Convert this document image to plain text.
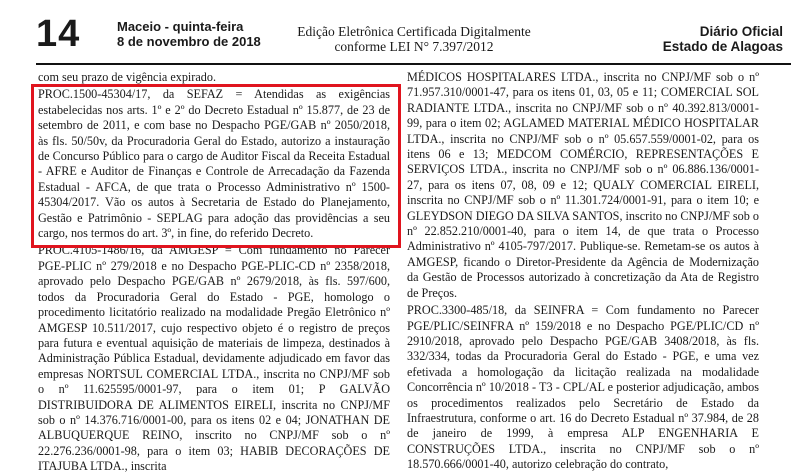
14	Maceio - quinta-feira
8 de novembro de 2018
Edição Eletrônica Certificada Digitalmente
conforme LEI N° 7.397/2012
Diário Oficial
Estado de Alagoas

com seu prazo de vigência expirado.

PROC.1500-45304/17, da SEFAZ = Atendidas as exigências estabelecidas nos arts. 1º e 2º do Decreto Estadual nº 15.877, de 23 de setembro de 2011, e com base no Despacho PGE/GAB nº 2050/2018, às fls. 50/50v, da Procuradoria Geral do Estado, autorizo a instauração de Concurso Público para o cargo de Auditor Fiscal da Receita Estadual - AFRE e Auditor de Finanças e Controle de Arrecadação da Fazenda Estadual - AFCA, de que trata o Processo Administrativo nº 1500-45304/2017. Vão os autos à Secretaria de Estado do Planejamento, Gestão e Patrimônio - SEPLAG para adoção das providências a seu cargo, nos termos do art. 3º, in fine, do referido Decreto.

PROC.4105-1486/16, da AMGESP = Com fundamento no Parecer PGE-PLIC nº 279/2018 e no Despacho PGE-PLIC-CD nº 2358/2018, aprovado pelo Despacho PGE/GAB nº 2679/2018, às fls. 597/600, todos da Procuradoria Geral do Estado - PGE, homologo o procedimento licitatório realizado na modalidade Pregão Eletrônico nº AMGESP 10.511/2017, cujo respectivo objeto é o registro de preços para futura e eventual aquisição de materiais de limpeza, destinados à Administração Pública Estadual, devidamente adjudicado em favor das empresas NORTSUL COMERCIAL LTDA., inscrita no CNPJ/MF sob o nº 11.625595/0001-97, para o item 01; P GALVÃO DISTRIBUIDORA DE ALIMENTOS EIRELI, inscrita no CNPJ/MF sob o nº 14.376.716/0001-00, para os itens 02 e 04; JONATHAN DE ALBUQUERQUE REINO, inscrito no CNPJ/MF sob o nº 22.276.236/0001-98, para o item 03; HABIB DECORAÇÕES DE ITAJUBA LTDA., inscrita

MÉDICOS HOSPITALARES LTDA., inscrita no CNPJ/MF sob o nº 71.957.310/0001-47, para os itens 01, 03, 05 e 11; COMERCIAL SOL RADIANTE LTDA., inscrita no CNPJ/MF sob o nº 40.392.813/0001-99, para o item 02; AGLAMED MATERIAL MÉDICO HOSPITALAR LTDA., inscrita no CNPJ/MF sob o nº 05.657.559/0001-02, para os itens 06 e 13; MEDCOM COMÉRCIO, REPRESENTAÇÕES E SERVIÇOS LTDA., inscrita no CNPJ/MF sob o nº 06.886.136/0001-27, para os itens 07, 08, 09 e 12; QUALY COMERCIAL EIRELI, inscrita no CNPJ/MF sob o nº 11.301.724/0001-91, para o item 10; e GLEYDSON DIEGO DA SILVA SANTOS, inscrito no CNPJ/MF sob o nº 22.852.210/0001-40, para o item 14, de que trata o Processo Administrativo nº 4105-797/2017. Publique-se. Remetam-se os autos à AMGESP, ficando o Diretor-Presidente da Agência de Modernização da Gestão de Processos autorizado à concretização da Ata de Registro de Preços.

PROC.3300-485/18, da SEINFRA = Com fundamento no Parecer PGE/PLIC/SEINFRA nº 159/2018 e no Despacho PGE/PLIC/CD nº 2910/2018, aprovado pelo Despacho PGE/GAB 3408/2018, às fls. 332/334, todas da Procuradoria Geral do Estado - PGE, e uma vez efetivada a homologação da licitação realizada na modalidade Concorrência nº 10/2018 - T3 - CPL/AL e posterior adjudicação, ambos os procedimentos realizados pelo Secretário de Estado da Infraestrutura, conforme o art. 16 do Decreto Estadual nº 37.984, de 28 de janeiro de 1999, à empresa ALP ENGENHARIA E CONSTRUÇÕES LTDA., inscrita no CNPJ/MF sob o nº 18.570.666/0001-40, autorizo celebração do contrato,
